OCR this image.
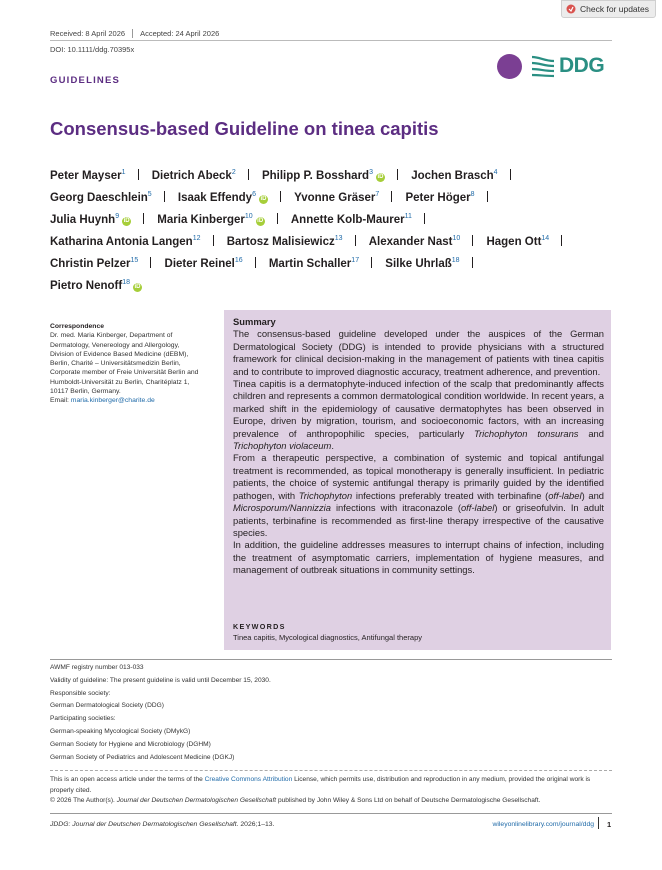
Check for updates
Received: 8 April 2026 Accepted: 24 April 2026
DOI: 10.1111/ddg.70395x
GUIDELINES
DDG
Consensus-based Guideline on tinea capitis
Peter Mayser$^1$ Dietrich Abeck$^2$ Philipp P. Bosshard$^3$iD Jochen Brasch$^4$
Georg Daeschlein$^5$ Isaak Effendy$^6$iD Yvonne Gräser$^7$ Peter Höger$^8$
Julia Huynh$^9$iD Maria Kinberger$^{10}$iD Annette Kolb-Maurer$^{11}$
Katharina Antonia Langen$^{12}$ Bartosz Malisiewicz$^{13}$ Alexander Nast$^{10}$ Hagen Ott$^{14}$
Christin Pelzer$^{15}$ Dieter Reinel$^{16}$ Martin Schaller$^{17}$ Silke Uhrlaß$^{18}$
Pietro Nenoff$^{18}$iD
Correspondence
Dr. med. Maria Kinberger, Department of
Dermatology, Venereology and Allergology,
Division of Evidence Based Medicine (dEBM),
Berlin, Charité – Universitätsmedizin Berlin,
Corporate member of Freie Universität Berlin and
Humboldt-Universität zu Berlin, Charitéplatz 1,
10117 Berlin, Germany.
Email: maria.kinberger@charite.de
Summary
The consensus-based guideline developed under the auspices of the German Dermatological Society (DDG) is intended to provide physicians with a structured framework for clinical decision-making in the management of patients with tinea capitis and to contribute to improved diagnostic accuracy, treatment adherence, and prevention.
Tinea capitis is a dermatophyte-induced infection of the scalp that predominantly affects children and represents a common dermatological condition worldwide. In recent years, a marked shift in the epidemiology of causative dermatophytes has been observed in Europe, driven by migration, tourism, and socioeconomic factors, with an increasing prevalence of anthropophilic species, particularly Trichophyton tonsurans and Trichophyton violaceum.
From a therapeutic perspective, a combination of systemic and topical antifungal treatment is recommended, as topical monotherapy is generally insufficient. In pediatric patients, the choice of systemic antifungal therapy is primarily guided by the identified pathogen, with Trichophyton infections preferably treated with terbinafine (off-label) and Microsporum/Nannizzia infections with itraconazole (off-label) or griseofulvin. In adult patients, terbinafine is recommended as first-line therapy irrespective of the causative species.
In addition, the guideline addresses measures to interrupt chains of infection, including the treatment of asymptomatic carriers, implementation of hygiene measures, and management of outbreak situations in community settings.
KEYWORDS
Tinea capitis, Mycological diagnostics, Antifungal therapy
AWMF registry number 013-033
Validity of guideline: The present guideline is valid until December 15, 2030.
Responsible society:
German Dermatological Society (DDG)
Participating societies:
German-speaking Mycological Society (DMykG)
German Society for Hygiene and Microbiology (DGHM)
German Society of Pediatrics and Adolescent Medicine (DGKJ)
This is an open access article under the terms of the Creative Commons Attribution License, which permits use, distribution and reproduction in any medium, provided the original work is properly cited.
© 2026 The Author(s). Journal der Deutschen Dermatologischen Gesellschaft published by John Wiley & Sons Ltd on behalf of Deutsche Dermatologische Gesellschaft.
JDDG: Journal der Deutschen Dermatologischen Gesellschaft. 2026;1–13.	wileyonlinelibrary.com/journal/ddg 1
